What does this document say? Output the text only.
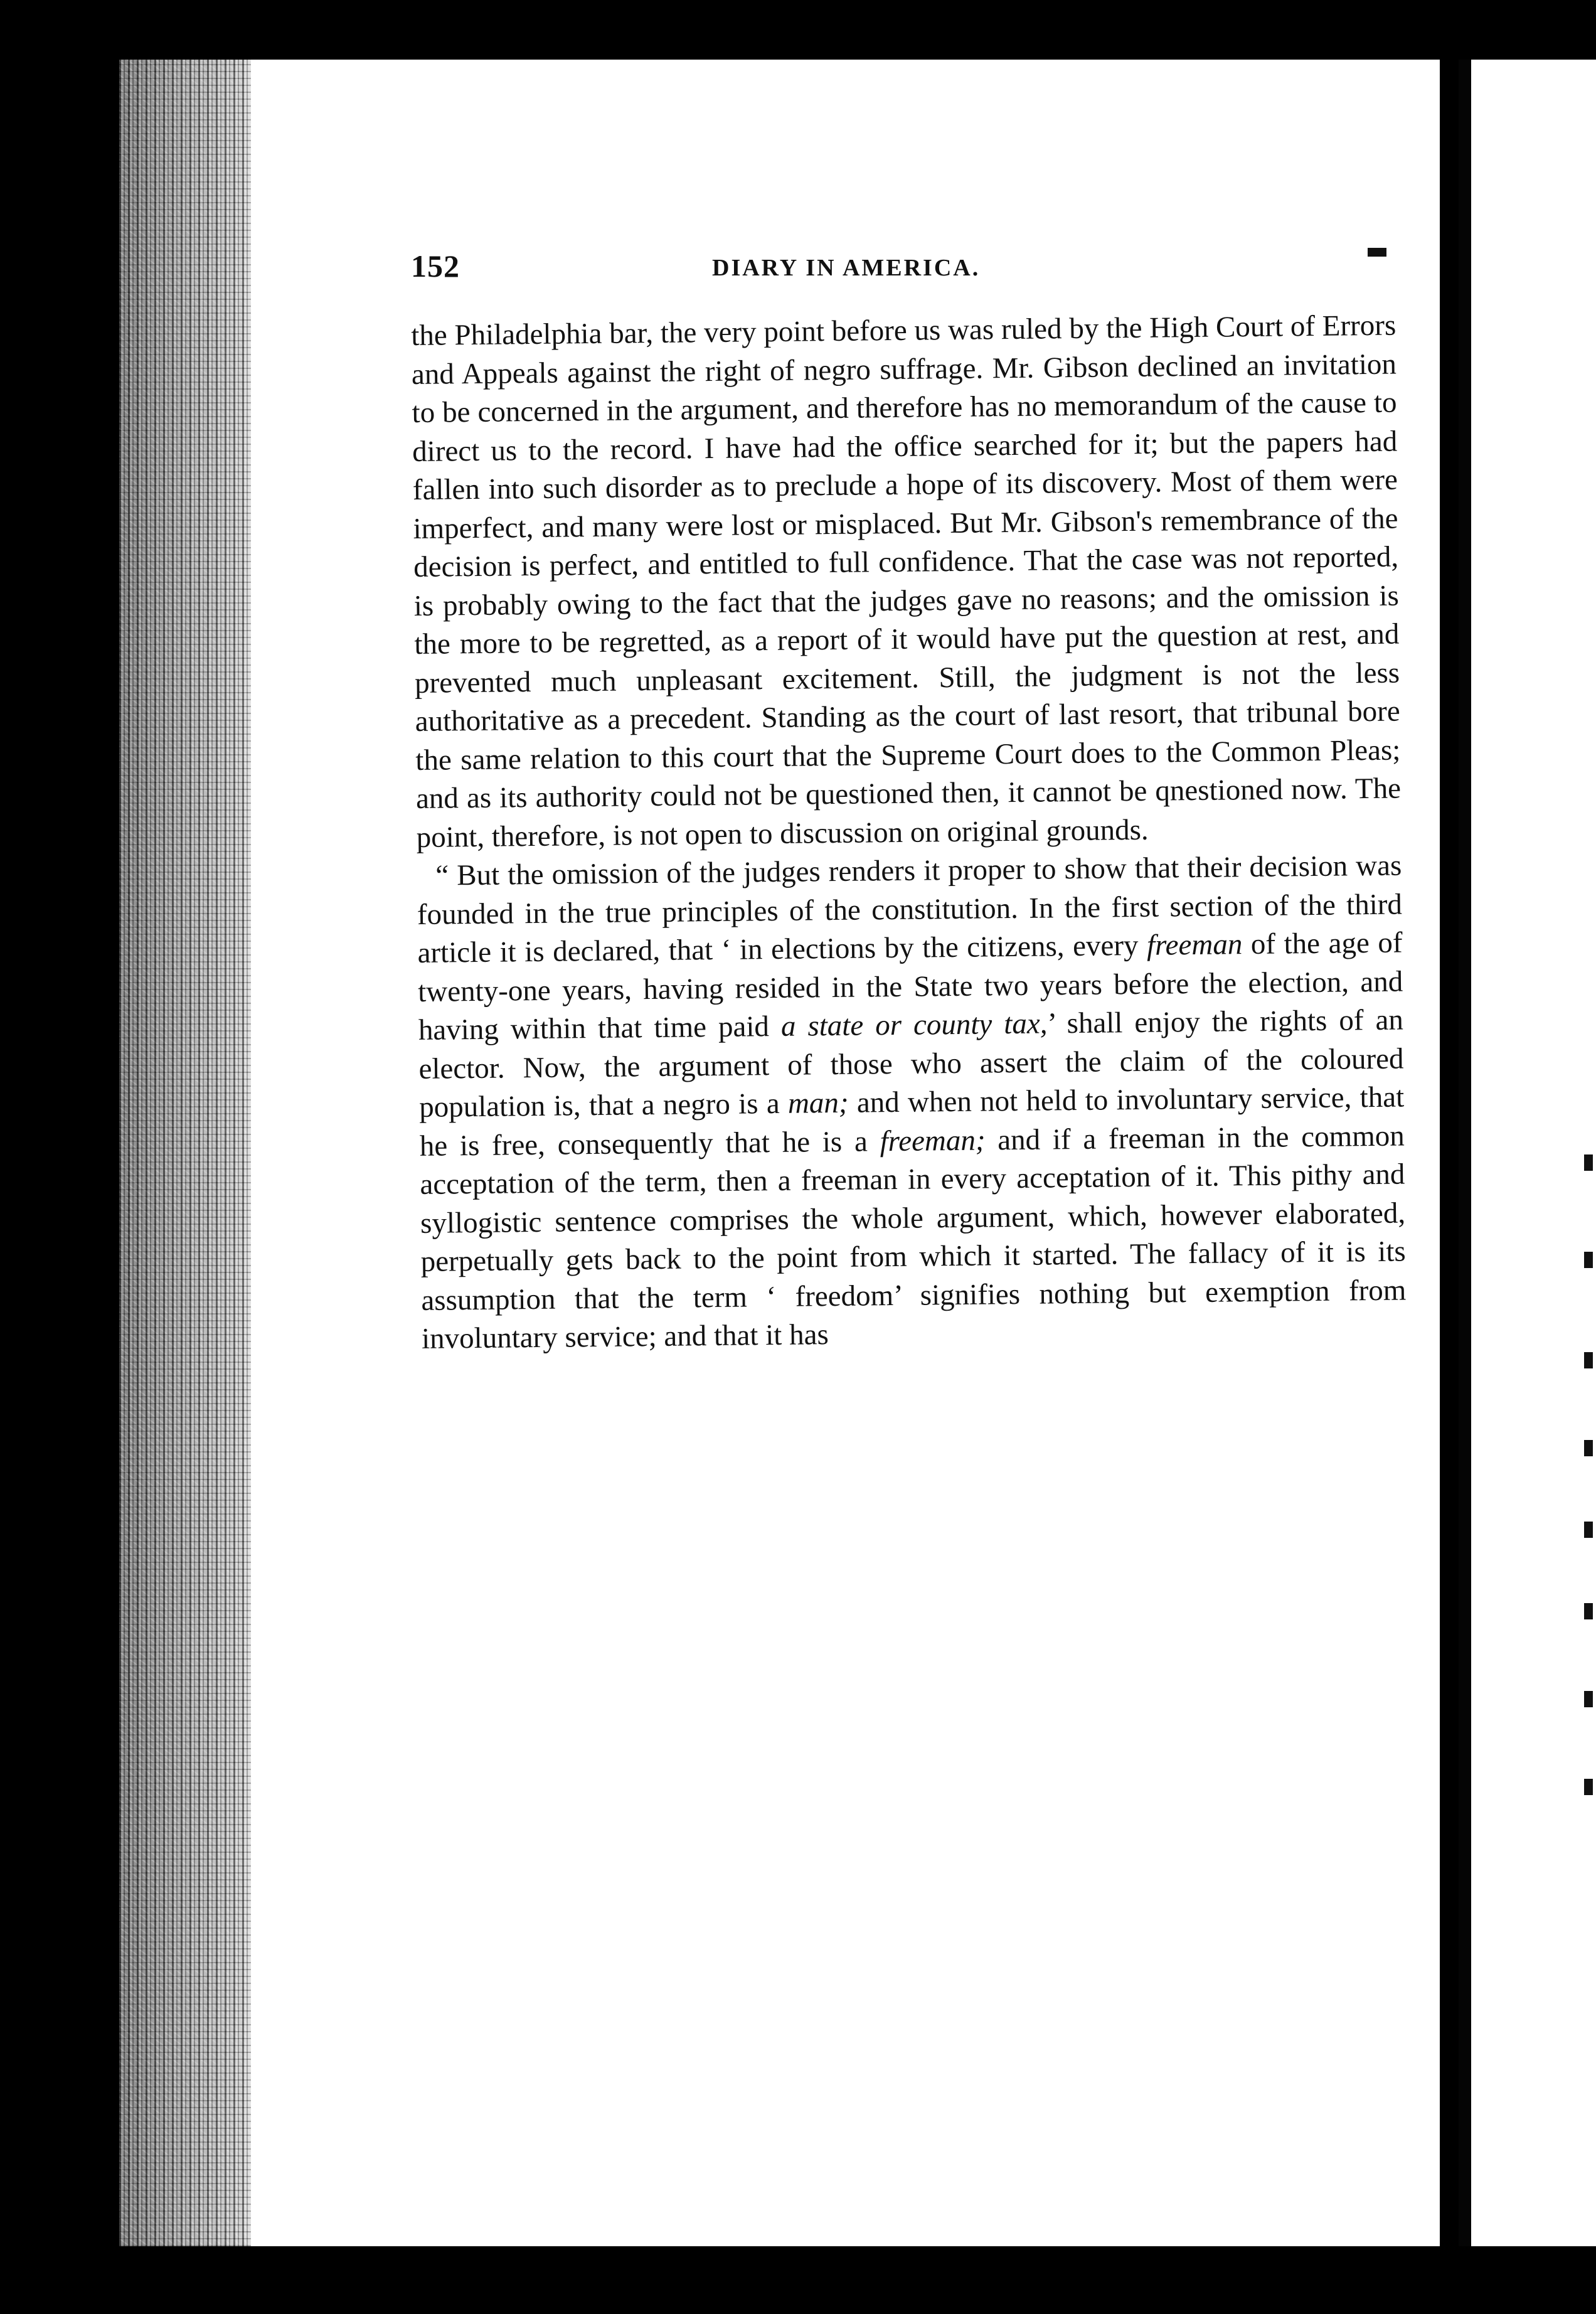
152	DIARY IN AMERICA.

the Philadelphia bar, the very point before us was ruled by the High Court of Errors and Appeals against the right of negro suffrage. Mr. Gibson declined an invitation to be concerned in the argument, and therefore has no memorandum of the cause to direct us to the record. I have had the office searched for it; but the papers had fallen into such disorder as to preclude a hope of its discovery. Most of them were imperfect, and many were lost or misplaced. But Mr. Gibson's remembrance of the decision is perfect, and entitled to full confidence. That the case was not reported, is probably owing to the fact that the judges gave no reasons; and the omission is the more to be regretted, as a report of it would have put the question at rest, and prevented much unpleasant excitement. Still, the judgment is not the less authoritative as a precedent. Standing as the court of last resort, that tribunal bore the same relation to this court that the Supreme Court does to the Common Pleas; and as its authority could not be questioned then, it cannot be qnestioned now. The point, therefore, is not open to discussion on original grounds.

“ But the omission of the judges renders it proper to show that their decision was founded in the true principles of the constitution. In the first section of the third article it is declared, that ‘ in elections by the citizens, every freeman of the age of twenty-one years, having resided in the State two years before the election, and having within that time paid a state or county tax,’ shall enjoy the rights of an elector. Now, the argument of those who assert the claim of the coloured population is, that a negro is a man; and when not held to involuntary service, that he is free, consequently that he is a freeman; and if a freeman in the common acceptation of the term, then a freeman in every acceptation of it. This pithy and syllogistic sentence comprises the whole argument, which, however elaborated, perpetually gets back to the point from which it started. The fallacy of it is its assumption that the term ‘ freedom’ signifies nothing but exemption from involuntary service; and that it has
